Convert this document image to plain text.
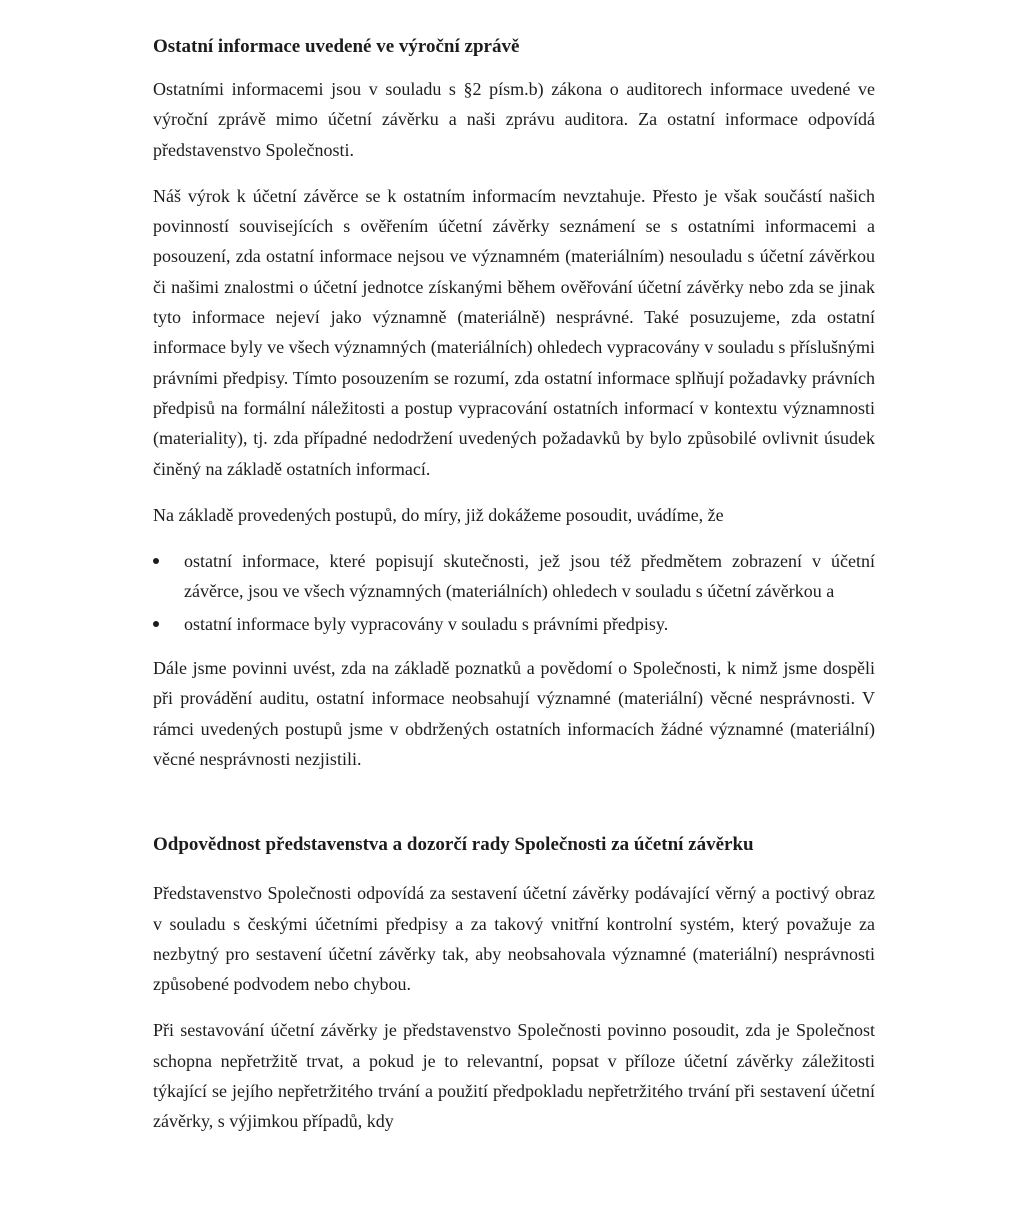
Ostatní informace uvedené ve výroční zprávě

Ostatními informacemi jsou v souladu s §2 písm.b) zákona o auditorech informace uvedené ve výroční zprávě mimo účetní závěrku a naši zprávu auditora. Za ostatní informace odpovídá představenstvo Společnosti.

Náš výrok k účetní závěrce se k ostatním informacím nevztahuje. Přesto je však součástí našich povinností souvisejících s ověřením účetní závěrky seznámení se s ostatními informacemi a posouzení, zda ostatní informace nejsou ve významném (materiálním) nesouladu s účetní závěrkou či našimi znalostmi o účetní jednotce získanými během ověřování účetní závěrky nebo zda se jinak tyto informace nejeví jako významně (materiálně) nesprávné. Také posuzujeme, zda ostatní informace byly ve všech významných (materiálních) ohledech vypracovány v souladu s příslušnými právními předpisy. Tímto posouzením se rozumí, zda ostatní informace splňují požadavky právních předpisů na formální náležitosti a postup vypracování ostatních informací v kontextu významnosti (materiality), tj. zda případné nedodržení uvedených požadavků by bylo způsobilé ovlivnit úsudek činěný na základě ostatních informací.

Na základě provedených postupů, do míry, již dokážeme posoudit, uvádíme, že

ostatní informace, které popisují skutečnosti, jež jsou též předmětem zobrazení v účetní závěrce, jsou ve všech významných (materiálních) ohledech v souladu s účetní závěrkou a
ostatní informace byly vypracovány v souladu s právními předpisy.

Dále jsme povinni uvést, zda na základě poznatků a povědomí o Společnosti, k nimž jsme dospěli při provádění auditu, ostatní informace neobsahují významné (materiální) věcné nesprávnosti. V rámci uvedených postupů jsme v obdržených ostatních informacích žádné významné (materiální) věcné nesprávnosti nezjistili.

Odpovědnost představenstva a dozorčí rady Společnosti za účetní závěrku

Představenstvo Společnosti odpovídá za sestavení účetní závěrky podávající věrný a poctivý obraz v souladu s českými účetními předpisy a za takový vnitřní kontrolní systém, který považuje za nezbytný pro sestavení účetní závěrky tak, aby neobsahovala významné (materiální) nesprávnosti způsobené podvodem nebo chybou.

Při sestavování účetní závěrky je představenstvo Společnosti povinno posoudit, zda je Společnost schopna nepřetržitě trvat, a pokud je to relevantní, popsat v příloze účetní závěrky záležitosti týkající se jejího nepřetržitého trvání a použití předpokladu nepřetržitého trvání při sestavení účetní závěrky, s výjimkou případů, kdy
